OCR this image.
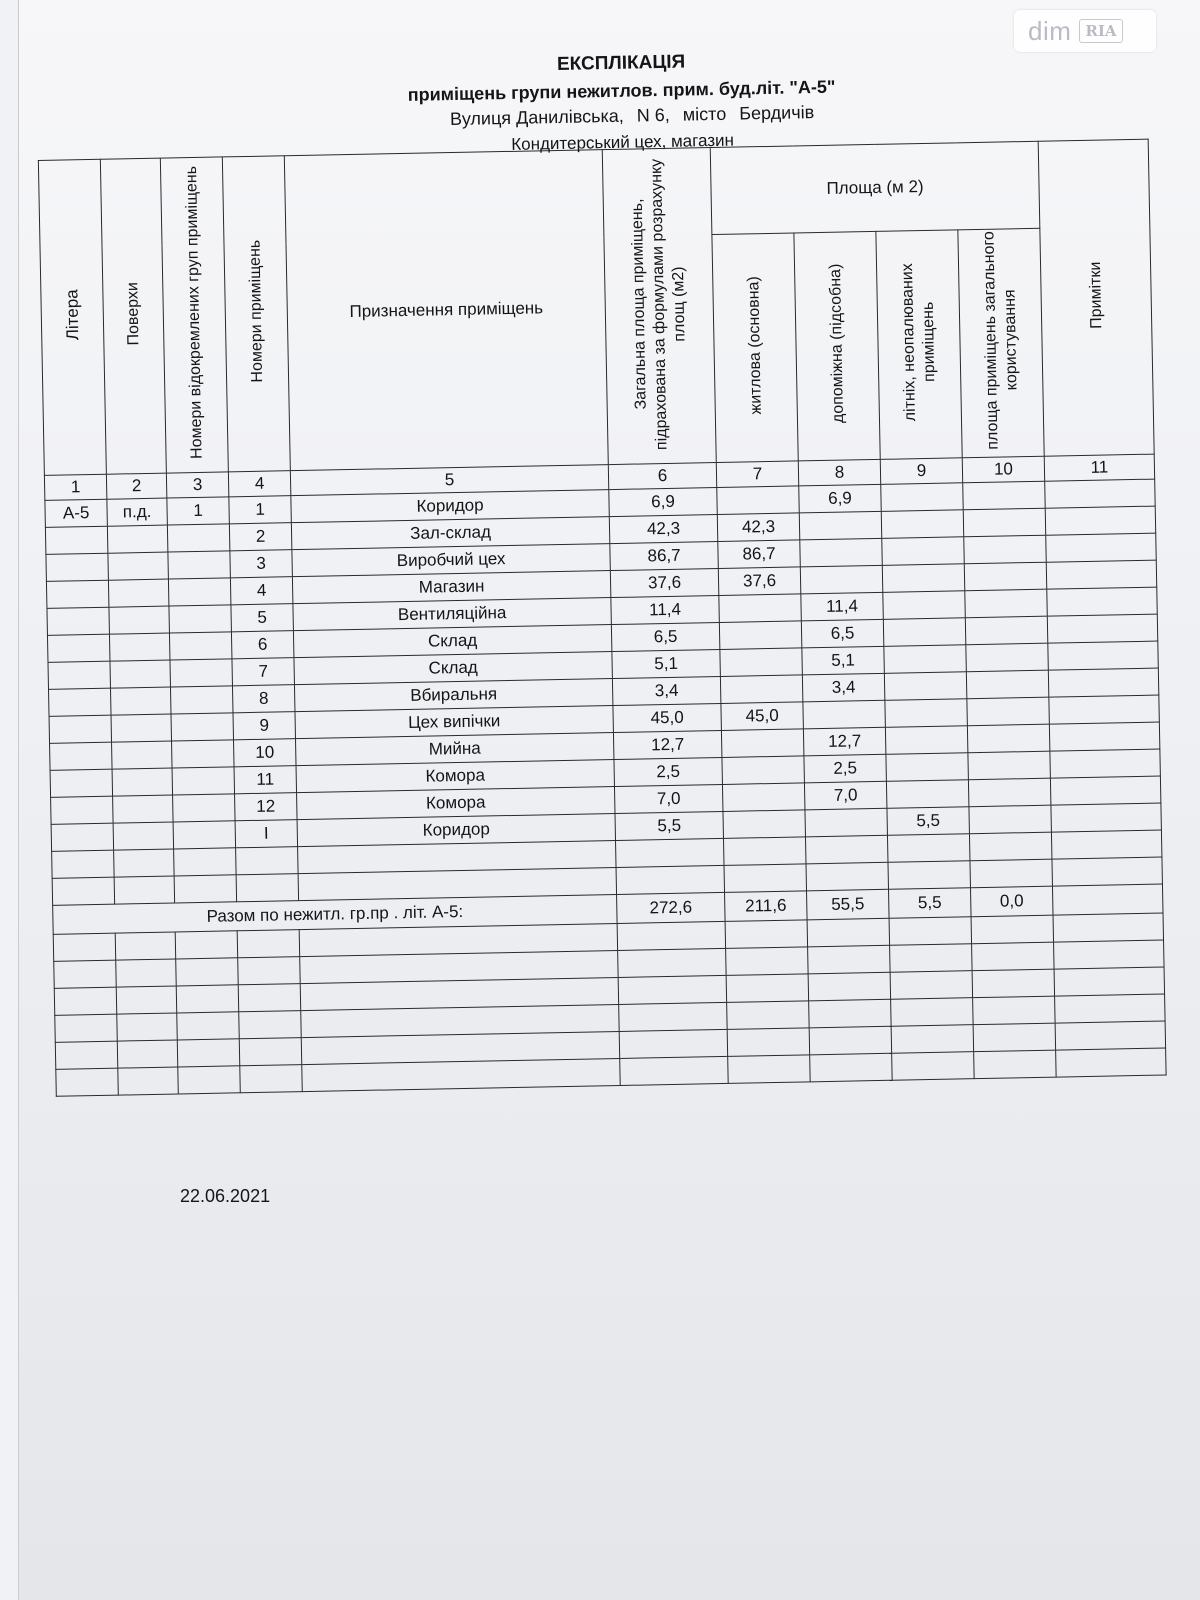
dim RIA
ЕКСПЛІКАЦІЯ
приміщень групи нежитлов. прим. буд.літ. "А-5"
Вулиця Данилівська, N 6, місто Бердичів
Кондитерський цех, магазин
Літера	Поверхи	Номери відокремлених груп приміщень	Номери приміщень	Призначення приміщень	Загальна площа приміщень, підрахована за формулами розрахунку площ (м2)	Площа (м 2)				Примітки
						житлова (основна)	допоміжна (підсобна)	літніх, неопалюваних приміщень	площа приміщень загального користування	
1	2	3	4	5	6	7	8	9	10	11
А-5	п.д.	1	1	Коридор	6,9		6,9			
			2	Зал-склад	42,3	42,3				
			3	Виробчий цех	86,7	86,7				
			4	Магазин	37,6	37,6				
			5	Вентиляційна	11,4		11,4			
			6	Склад	6,5		6,5			
			7	Склад	5,1		5,1			
			8	Вбиральня	3,4		3,4			
			9	Цех випічки	45,0	45,0				
			10	Мийна	12,7		12,7			
			11	Комора	2,5		2,5			
			12	Комора	7,0		7,0			
			I	Коридор	5,5			5,5		

Разом по нежитл. гр.пр . літ. А-5:					272,6	211,6	55,5	5,5	0,0	

22.06.2021
